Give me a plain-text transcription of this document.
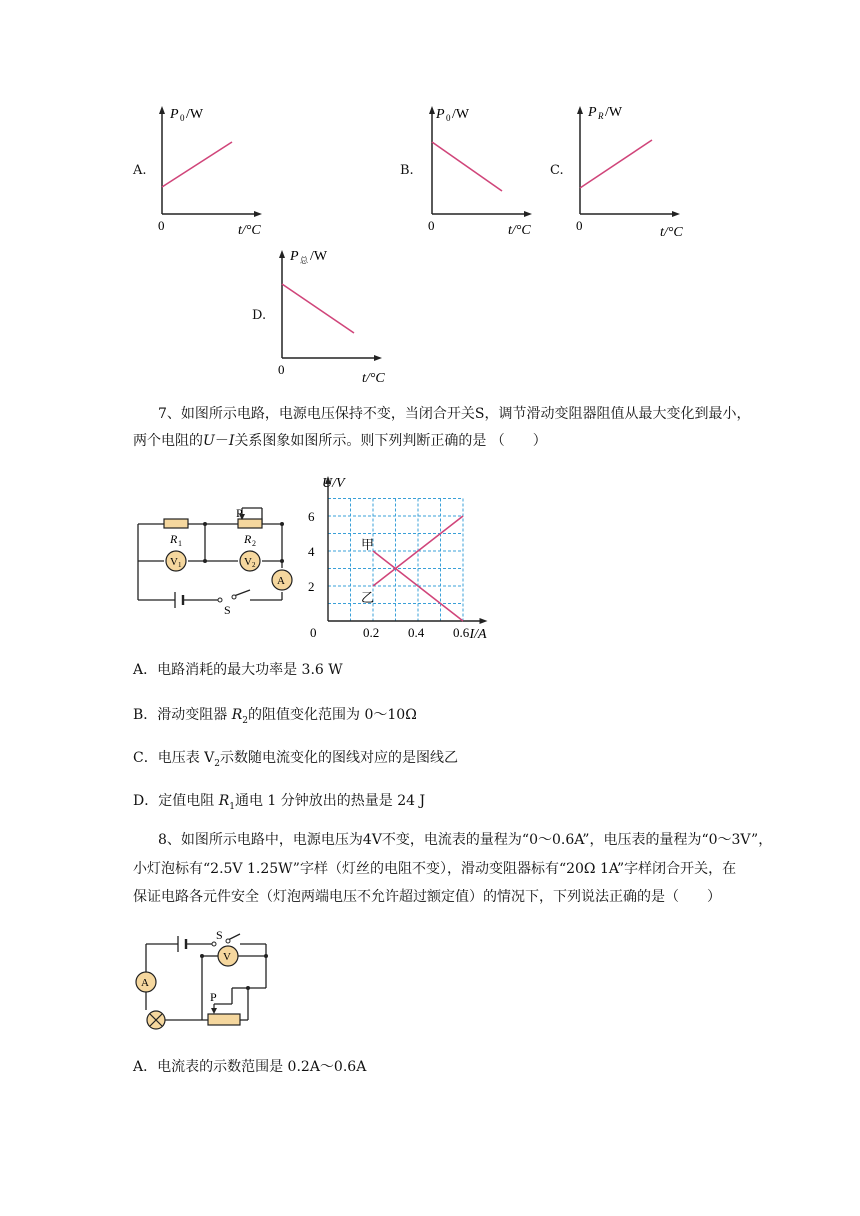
A.
P 0 /W
0	t/°C
B.
P 0 /W
0	t/°C
C.
P R /W
0	t/°C
D.
P 总 /W
0
t/°C
7、如图所示电路，电源电压保持不变，当闭合开关S，调节滑动变阻器阻值从最大变化到最小，
两个电阻的U－I关系图象如图所示。则下列判断正确的是 （　　）
P
R 1	R 2
V 1	V 2
A
S
甲
乙
0	0.2 0.4 0.6
2
4
6
I/A
U/V
A．电路消耗的最大功率是 3.6 W
B．滑动变阻器 $R_2$的阻值变化范围为 0～10Ω
C．电压表 $V_2$示数随电流变化的图线对应的是图线乙
D．定值电阻 $R_1$通电 1 分钟放出的热量是 24 J
8、如图所示电路中，电源电压为4V不变，电流表的量程为“0～0.6A”，电压表的量程为“0～3V”，
小灯泡标有“2.5V 1.25W”字样（灯丝的电阻不变），滑动变阻器标有“20Ω 1A”字样闭合开关，在
保证电路各元件安全（灯泡两端电压不允许超过额定值）的情况下，下列说法正确的是（　　）
S
A
V
P
A．电流表的示数范围是 0.2A～0.6A
